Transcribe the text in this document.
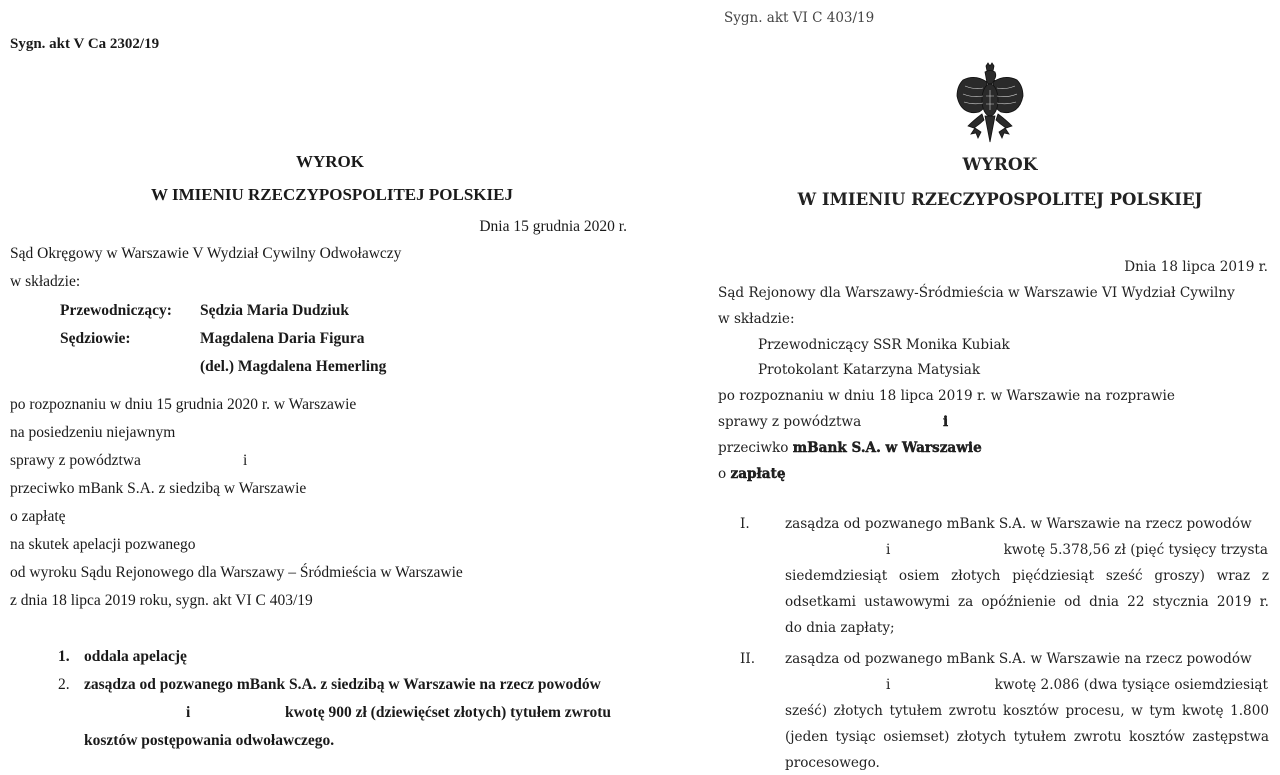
Sygn. akt V Ca 2302/19
WYROK
W IMIENIU RZECZYPOSPOLITEJ POLSKIEJ
Dnia 15 grudnia 2020 r.
Sąd Okręgowy w Warszawie V Wydział Cywilny Odwoławczy
w składzie:
Przewodniczący: Sędzia Maria Dudziuk
Sędziowie:	Magdalena Daria Figura
(del.) Magdalena Hemerling
po rozpoznaniu w dniu 15 grudnia 2020 r. w Warszawie
na posiedzeniu niejawnym
sprawy z powództwa	i
przeciwko mBank S.A. z siedzibą w Warszawie
o zapłatę
na skutek apelacji pozwanego
od wyroku Sądu Rejonowego dla Warszawy – Śródmieścia w Warszawie
z dnia 18 lipca 2019 roku, sygn. akt VI C 403/19
1. oddala apelację
2. zasądza od pozwanego mBank S.A. z siedzibą w Warszawie na rzecz powodów
i	kwotę 900 zł (dziewięćset złotych) tytułem zwrotu
kosztów postępowania odwoławczego.
Sygn. akt VI C 403/19
WYROK
W IMIENIU RZECZYPOSPOLITEJ POLSKIEJ
Dnia 18 lipca 2019 r.
Sąd Rejonowy dla Warszawy-Śródmieścia w Warszawie VI Wydział Cywilny
w składzie:
Przewodniczący SSR Monika Kubiak
Protokolant Katarzyna Matysiak
po rozpoznaniu w dniu 18 lipca 2019 r. w Warszawie na rozprawie
sprawy z powództwa	i
przeciwko mBank S.A. w Warszawie
o zapłatę
I.	zasądza od pozwanego mBank S.A. w Warszawie na rzecz powodów
i	kwotę 5.378,56 zł (pięć tysięcy trzysta
siedemdziesiąt osiem złotych pięćdziesiąt sześć groszy) wraz z
odsetkami ustawowymi za opóźnienie od dnia 22 stycznia 2019 r.
do dnia zapłaty;
II. zasądza od pozwanego mBank S.A. w Warszawie na rzecz powodów
i	kwotę 2.086 (dwa tysiące osiemdziesiąt
sześć) złotych tytułem zwrotu kosztów procesu, w tym kwotę 1.800
(jeden tysiąc osiemset) złotych tytułem zwrotu kosztów zastępstwa
procesowego.
